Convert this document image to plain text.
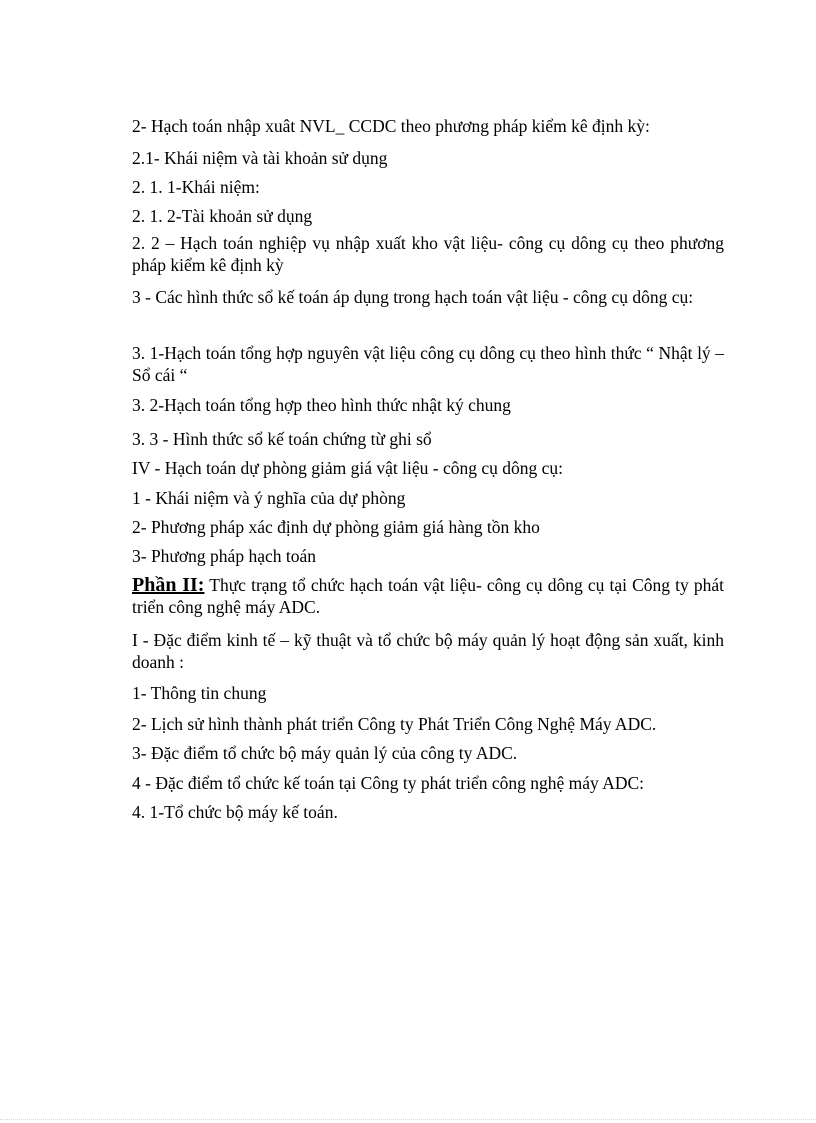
2- Hạch toán nhập xuât NVL_ CCDC theo phương pháp kiểm kê định kỳ:
2.1- Khái niệm và tài khoản sử dụng
2. 1. 1-Khái niệm:
2. 1. 2-Tài khoản sử dụng
2. 2 – Hạch toán nghiệp vụ nhập xuất kho vật liệu- công cụ dông cụ theo phương pháp kiểm kê định kỳ
3 - Các hình thức sổ kế toán áp dụng trong hạch toán vật liệu - công cụ dông cụ:
3. 1-Hạch toán tổng hợp nguyên vật liệu công cụ dông cụ theo hình thức “ Nhật lý – Sổ cái “
3. 2-Hạch toán tổng hợp theo hình thức nhật ký chung
3. 3 - Hình thức sổ kế toán chứng từ ghi sổ
IV - Hạch toán dự phòng giảm giá vật liệu - công cụ dông cụ:
1 - Khái niệm và ý nghĩa của dự phòng
2- Phương pháp xác định dự phòng giảm giá hàng tồn kho
3- Phương pháp hạch toán
Phần II: Thực trạng tổ chức hạch toán vật liệu- công cụ dông cụ tại Công ty phát triển công nghệ máy ADC.
I - Đặc điểm kinh tế – kỹ thuật và tổ chức bộ máy quản lý hoạt động sản xuất, kinh doanh :
1- Thông tin chung
2- Lịch sử hình thành phát triển Công ty Phát Triển Công Nghệ Máy ADC.
3- Đặc điểm tổ chức bộ máy quản lý của công ty ADC.
4 - Đặc điểm tổ chức kế toán tại Công ty phát triển công nghệ máy ADC:
4. 1-Tổ chức bộ máy kế toán.
